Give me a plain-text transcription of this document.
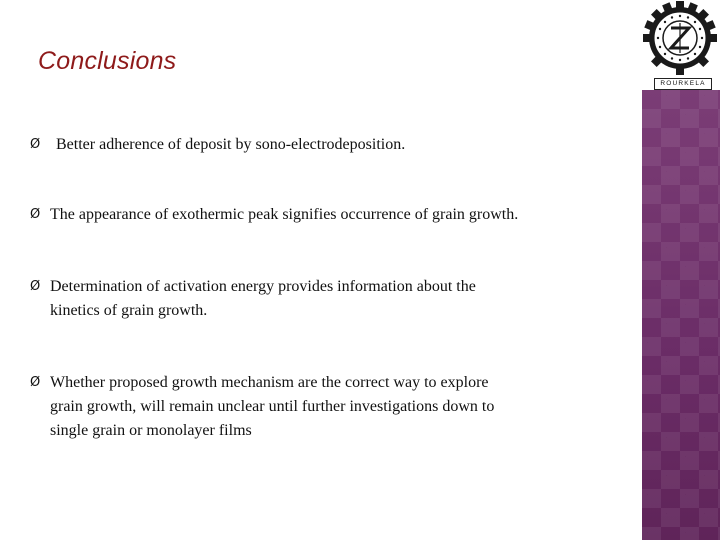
Conclusions
ROURKELA
Ø Better adherence of deposit by sono-electrodeposition.
Ø The appearance of exothermic peak signifies occurrence of grain growth.
Ø Determination of activation energy provides information about the
kinetics of grain growth.
Ø Whether proposed growth mechanism are the correct way to explore
grain growth, will remain unclear until further investigations down to
single grain or monolayer films
